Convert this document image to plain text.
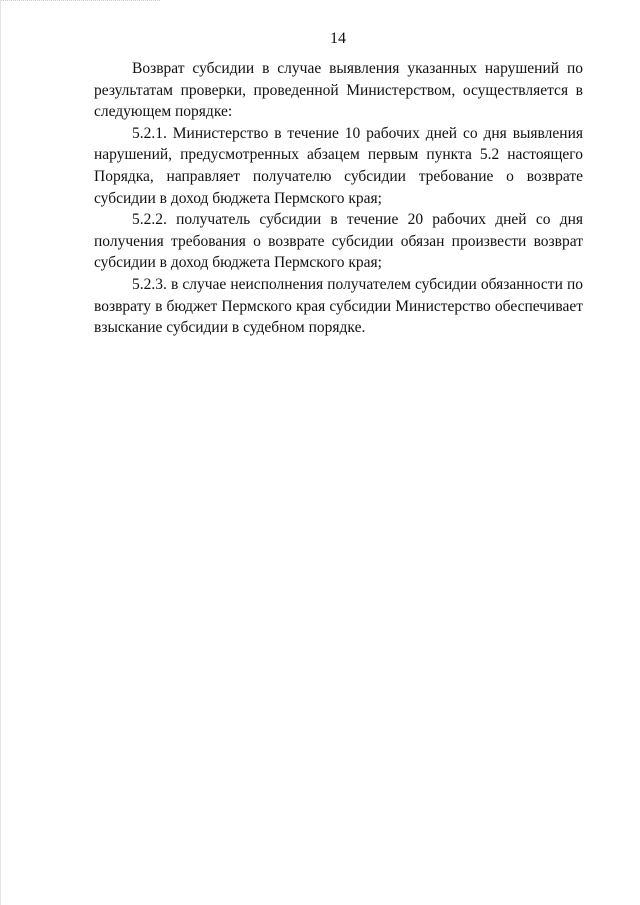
14

Возврат субсидии в случае выявления указанных нарушений по результатам проверки, проведенной Министерством, осуществляется в следующем порядке:

5.2.1. Министерство в течение 10 рабочих дней со дня выявления нарушений, предусмотренных абзацем первым пункта 5.2 настоящего Порядка, направляет получателю субсидии требование о возврате субсидии в доход бюджета Пермского края;

5.2.2. получатель субсидии в течение 20 рабочих дней со дня получения требования о возврате субсидии обязан произвести возврат субсидии в доход бюджета Пермского края;

5.2.3. в случае неисполнения получателем субсидии обязанности по возврату в бюджет Пермского края субсидии Министерство обеспечивает взыскание субсидии в судебном порядке.
